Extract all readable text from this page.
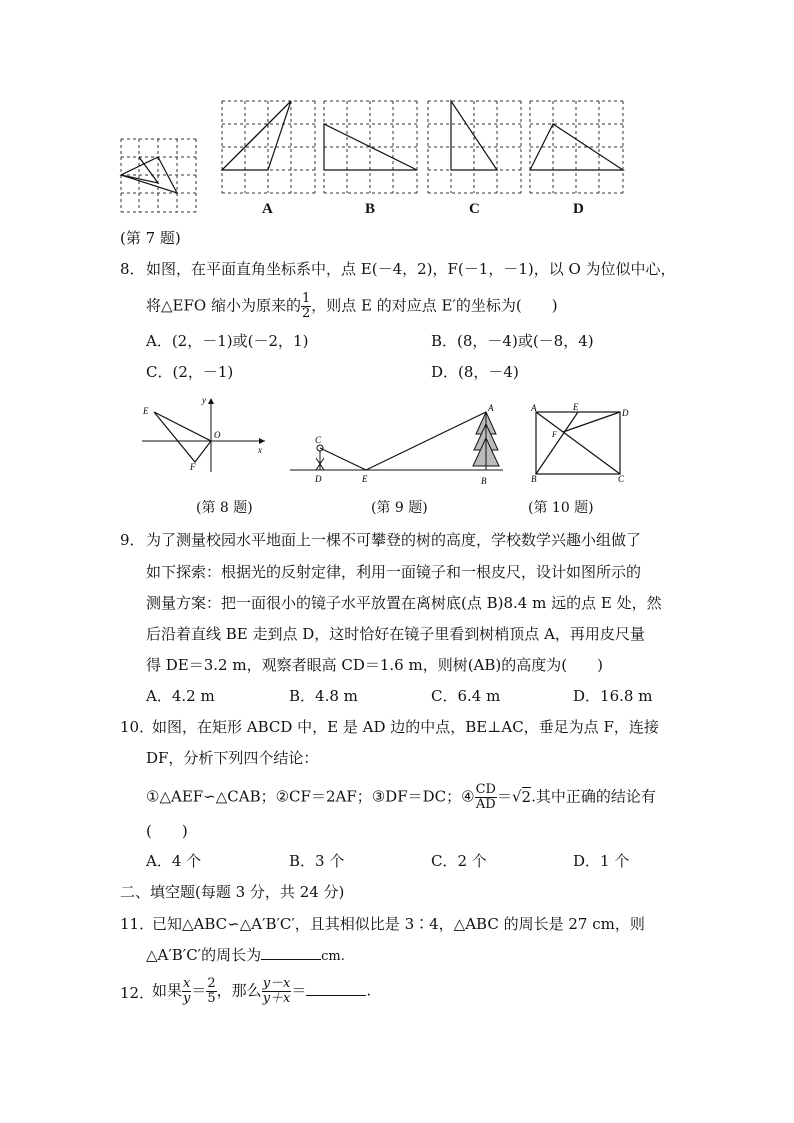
A	B	C	D
(第 7 题)
8． 如图，在平面直角坐标系中，点 E(－4，2)，F(－1，－1)，以 O 为位似中心，
将△EFO 缩小为原来的 $\frac{1}{2}$ ，则点 E 的对应点 E′的坐标为(　　)
A．(2，－1)或(－2，1)	B．(8，－4)或(－8，4)
C．(2，－1)	D．(8，－4)
E
F
O
x
y
(第 8 题)
C
D	E
A
B
(第 9 题)
A	E
D
B	C
F
(第 10 题)
9． 为了测量校园水平地面上一棵不可攀登的树的高度，学校数学兴趣小组做了
如下探索：根据光的反射定律，利用一面镜子和一根皮尺，设计如图所示的
测量方案：把一面很小的镜子水平放置在离树底(点 B)8.4 m 远的点 E 处，然
后沿着直线 BE 走到点 D，这时恰好在镜子里看到树梢顶点 A，再用皮尺量
得 DE＝3.2 m，观察者眼高 CD＝1.6 m，则树(AB)的高度为(　　)
A．4.2 m	B．4.8 m	C．6.4 m	D．16.8 m
10．
如图，在矩形 ABCD 中，E 是 AD 边的中点，BE⊥AC，垂足为点 F，连接
DF，分析下列四个结论：
①△AEF∽△CAB；②CF＝2AF；③DF＝DC；④ $\frac{CD}{AD} =√2$.其中正确的结论有
(　　)
A．4 个	B．3 个	C．2 个	D．1 个
二、填空题(每题 3 分，共 24 分)
11．
已知△ABC∽△A′B′C′，且其相似比是 3∶4，△ABC 的周长是 27 cm，则
△A′B′C′的周长为	cm.
12．
如果 $\frac{x}{y} = \frac{2}{5}$ ，那么 $\frac{y-x}{y+x}$ ＝	.
